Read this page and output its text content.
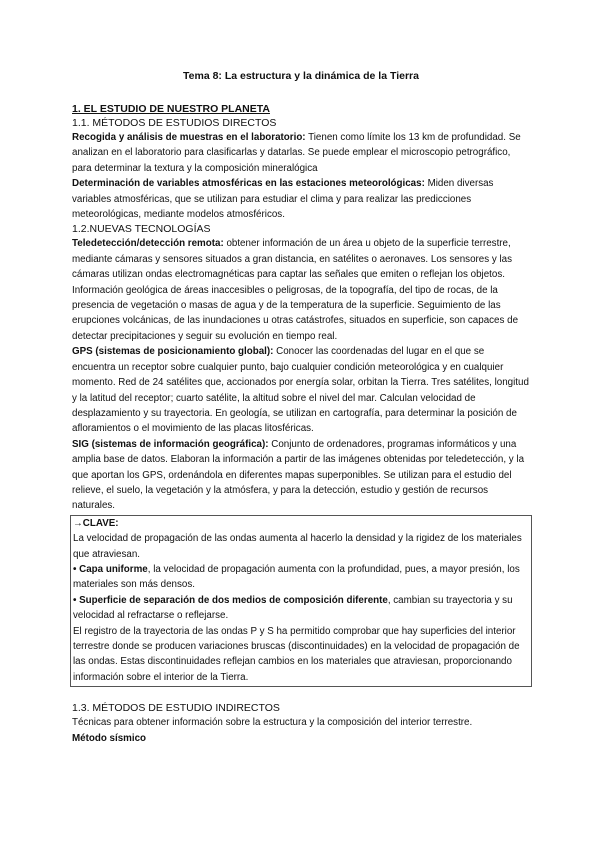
Tema 8: La estructura y la dinámica de la Tierra

1. EL ESTUDIO DE NUESTRO PLANETA

1.1. MÉTODOS DE ESTUDIOS DIRECTOS

Recogida y análisis de muestras en el laboratorio: Tienen como límite los 13 km de profundidad. Se analizan en el laboratorio para clasificarlas y datarlas. Se puede emplear el microscopio petrográfico, para determinar la textura y la composición mineralógica

Determinación de variables atmosféricas en las estaciones meteorológicas: Miden diversas variables atmosféricas, que se utilizan para estudiar el clima y para realizar las predicciones meteorológicas, mediante modelos atmosféricos.

1.2.NUEVAS TECNOLOGÍAS

Teledetección/detección remota: obtener información de un área u objeto de la superficie terrestre, mediante cámaras y sensores situados a gran distancia, en satélites o aeronaves. Los sensores y las cámaras utilizan ondas electromagnéticas para captar las señales que emiten o reflejan los objetos. Información geológica de áreas inaccesibles o peligrosas, de la topografía, del tipo de rocas, de la presencia de vegetación o masas de agua y de la temperatura de la superficie. Seguimiento de las erupciones volcánicas, de las inundaciones u otras catástrofes, situados en superficie, son capaces de detectar precipitaciones y seguir su evolución en tiempo real.

GPS (sistemas de posicionamiento global): Conocer las coordenadas del lugar en el que se encuentra un receptor sobre cualquier punto, bajo cualquier condición meteorológica y en cualquier momento. Red de 24 satélites que, accionados por energía solar, orbitan la Tierra. Tres satélites, longitud y la latitud del receptor; cuarto satélite, la altitud sobre el nivel del mar. Calculan velocidad de desplazamiento y su trayectoria. En geología, se utilizan en cartografía, para determinar la posición de afloramientos o el movimiento de las placas litosféricas.

SIG (sistemas de información geográfica): Conjunto de ordenadores, programas informáticos y una amplia base de datos. Elaboran la información a partir de las imágenes obtenidas por teledetección, y la que aportan los GPS, ordenándola en diferentes mapas superponibles. Se utilizan para el estudio del relieve, el suelo, la vegetación y la atmósfera, y para la detección, estudio y gestión de recursos naturales.

→CLAVE:

La velocidad de propagación de las ondas aumenta al hacerlo la densidad y la rigidez de los materiales que atraviesan.

• Capa uniforme, la velocidad de propagación aumenta con la profundidad, pues, a mayor presión, los materiales son más densos.

• Superficie de separación de dos medios de composición diferente, cambian su trayectoria y su velocidad al refractarse o reflejarse.

El registro de la trayectoria de las ondas P y S ha permitido comprobar que hay superficies del interior terrestre donde se producen variaciones bruscas (discontinuidades) en la velocidad de propagación de las ondas. Estas discontinuidades reflejan cambios en los materiales que atraviesan, proporcionando información sobre el interior de la Tierra.

1.3. MÉTODOS DE ESTUDIO INDIRECTOS

Técnicas para obtener información sobre la estructura y la composición del interior terrestre.

Método sísmico
